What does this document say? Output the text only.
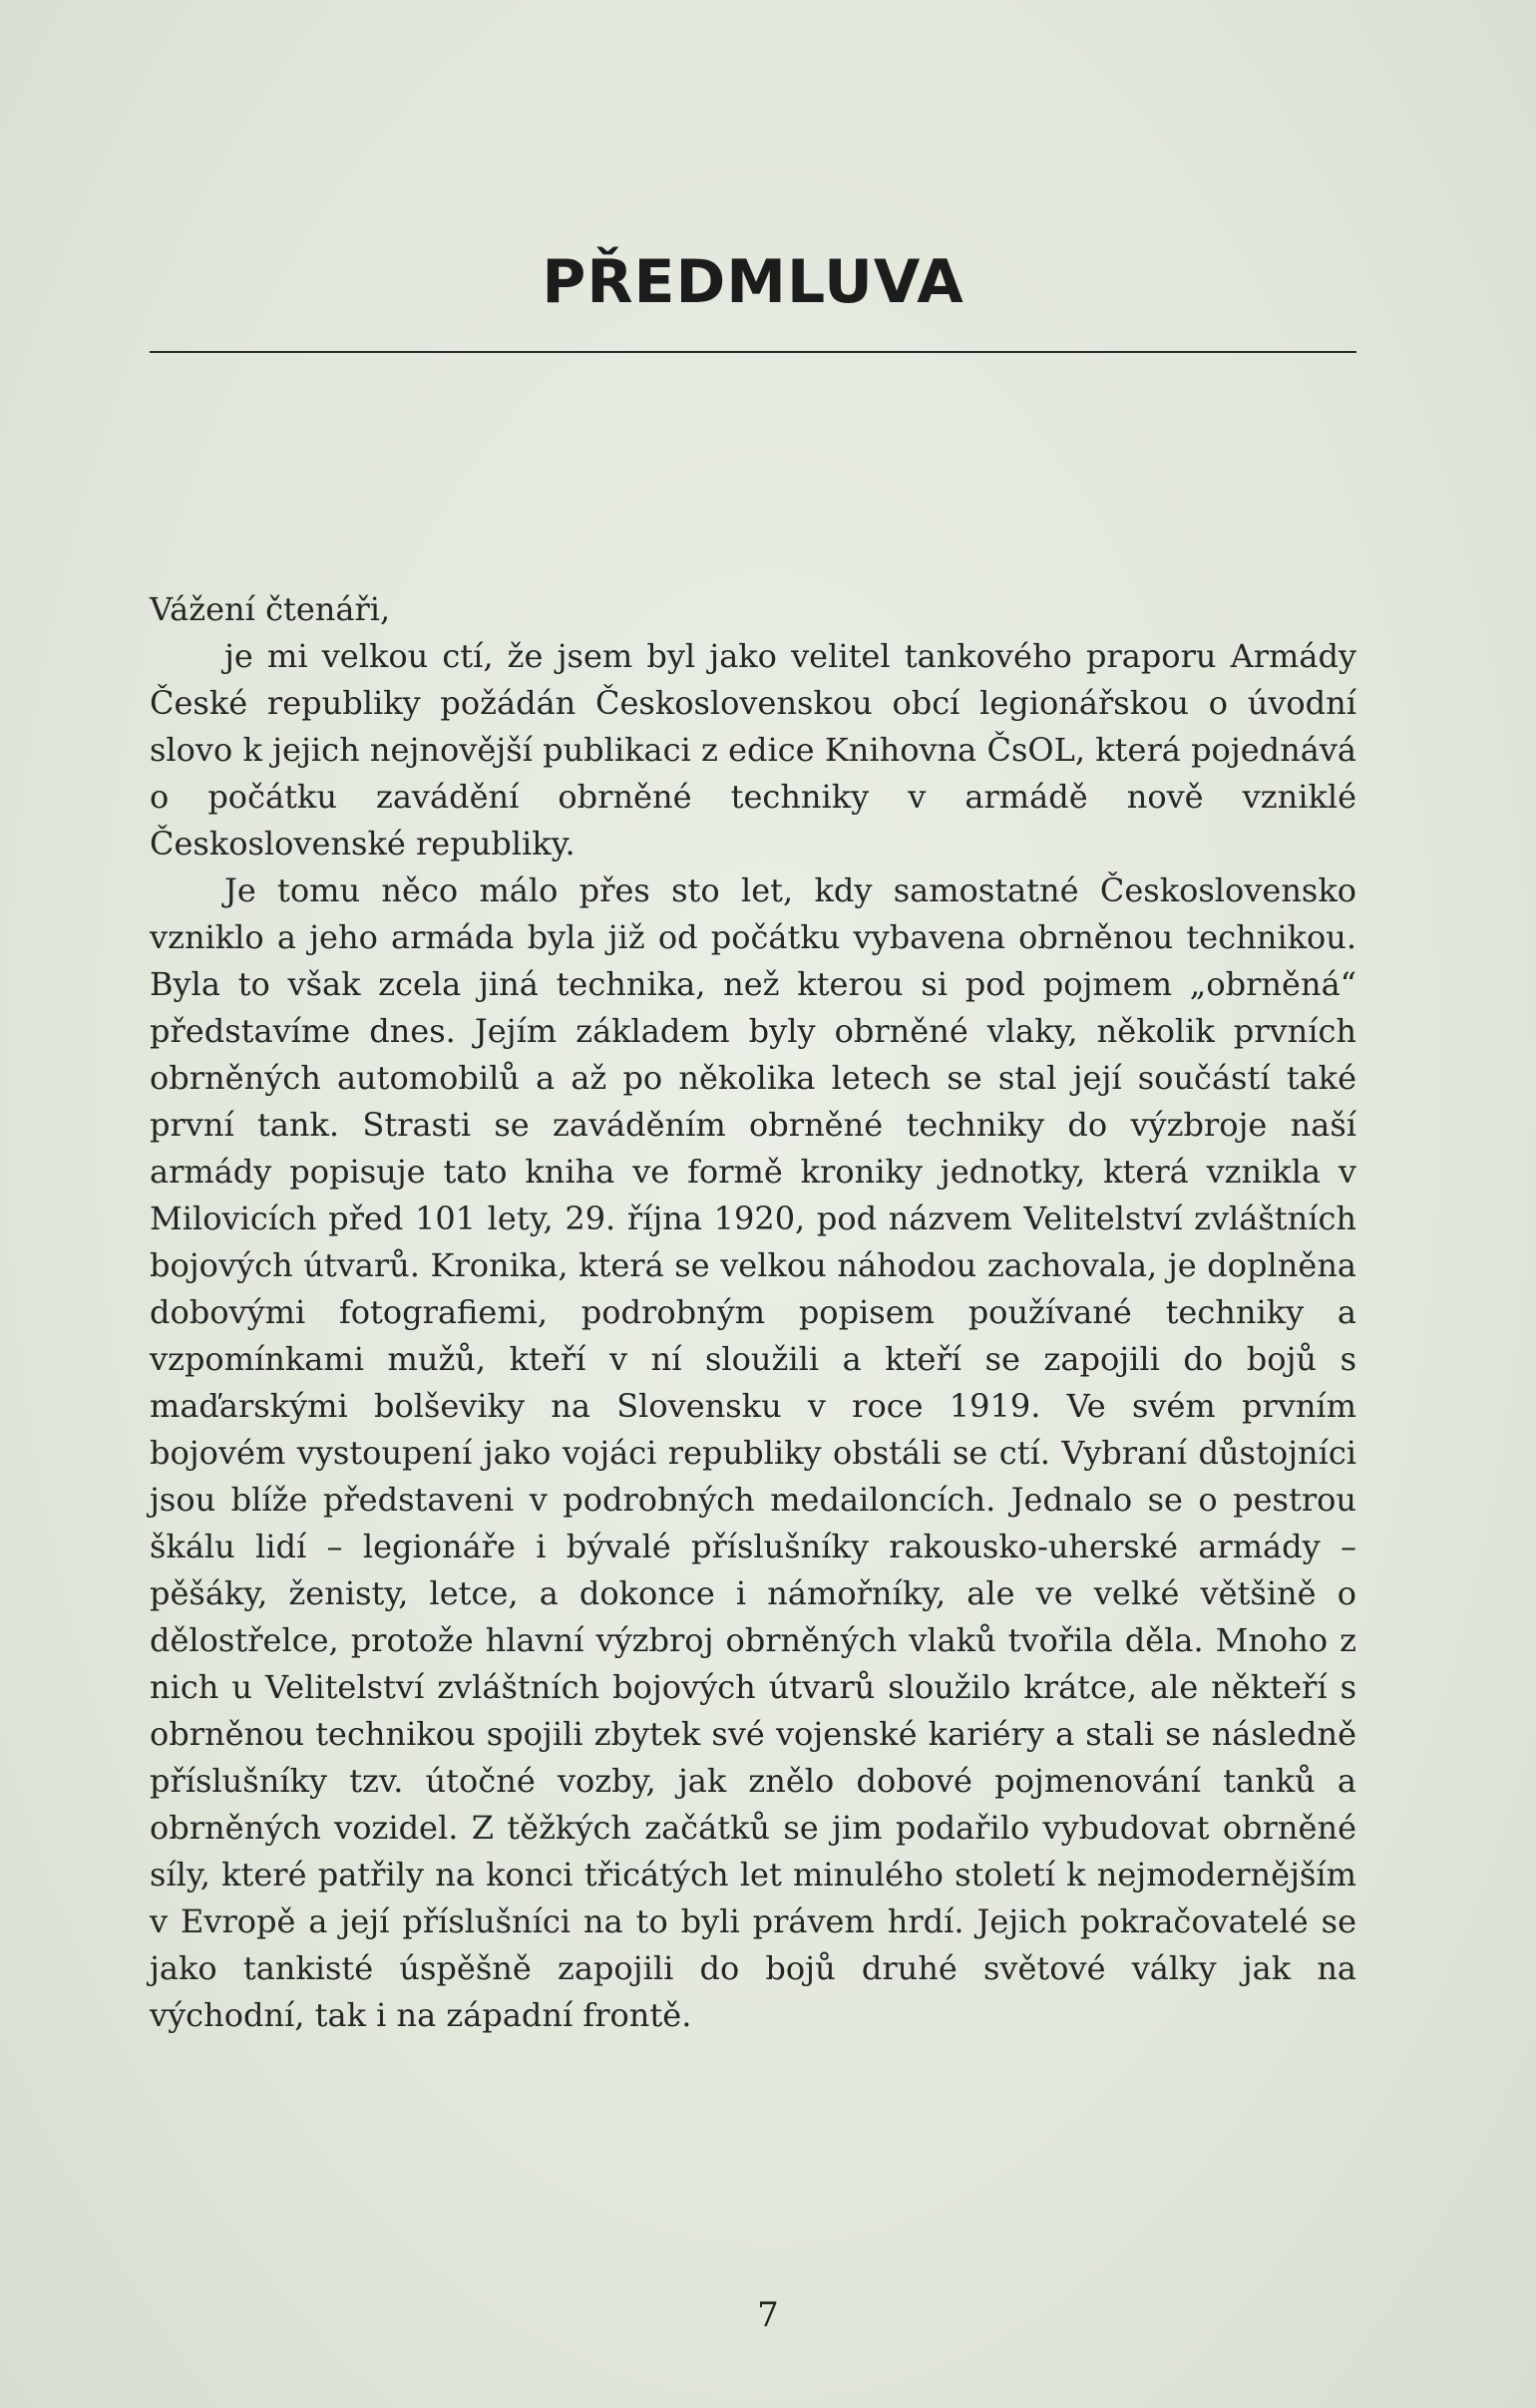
PŘEDMLUVA

Vážení čtenáři,

je mi velkou ctí, že jsem byl jako velitel tankového praporu Armády České republiky požádán Československou obcí legionářskou o úvodní slovo k jejich nejnovější publikaci z edice Knihovna ČsOL, která pojednává o počátku zavádění obrněné techniky v armádě nově vzniklé Československé republiky.

Je tomu něco málo přes sto let, kdy samostatné Československo vzniklo a jeho armáda byla již od počátku vybavena obrněnou technikou. Byla to však zcela jiná technika, než kterou si pod pojmem „obrněná“ představíme dnes. Jejím základem byly obrněné vlaky, několik prvních obrněných automobilů a až po několika letech se stal její součástí také první tank. Strasti se zaváděním obrněné techniky do výzbroje naší armády popisuje tato kniha ve formě kroniky jednotky, která vznikla v Milovicích před 101 lety, 29. října 1920, pod názvem Velitelství zvláštních bojových útvarů. Kronika, která se velkou náhodou zachovala, je doplněna dobovými fotografiemi, podrobným popisem používané techniky a vzpomínkami mužů, kteří v ní sloužili a kteří se zapojili do bojů s maďarskými bolševiky na Slovensku v roce 1919. Ve svém prvním bojovém vystoupení jako vojáci republiky obstáli se ctí. Vybraní důstojníci jsou blíže představeni v podrobných medailoncích. Jednalo se o pestrou škálu lidí – legionáře i bývalé příslušníky rakousko-uherské armády – pěšáky, ženisty, letce, a dokonce i námořníky, ale ve velké většině o dělostřelce, protože hlavní výzbroj obrněných vlaků tvořila děla. Mnoho z nich u Velitelství zvláštních bojových útvarů sloužilo krátce, ale někteří s obrněnou technikou spojili zbytek své vojenské kariéry a stali se následně příslušníky tzv. útočné vozby, jak znělo dobové pojmenování tanků a obrněných vozidel. Z těžkých začátků se jim podařilo vybudovat obrněné síly, které patřily na konci třicátých let minulého století k nejmodernějším v Evropě a její příslušníci na to byli právem hrdí. Jejich pokračovatelé se jako tankisté úspěšně zapojili do bojů druhé světové války jak na východní, tak i na západní frontě.

7
